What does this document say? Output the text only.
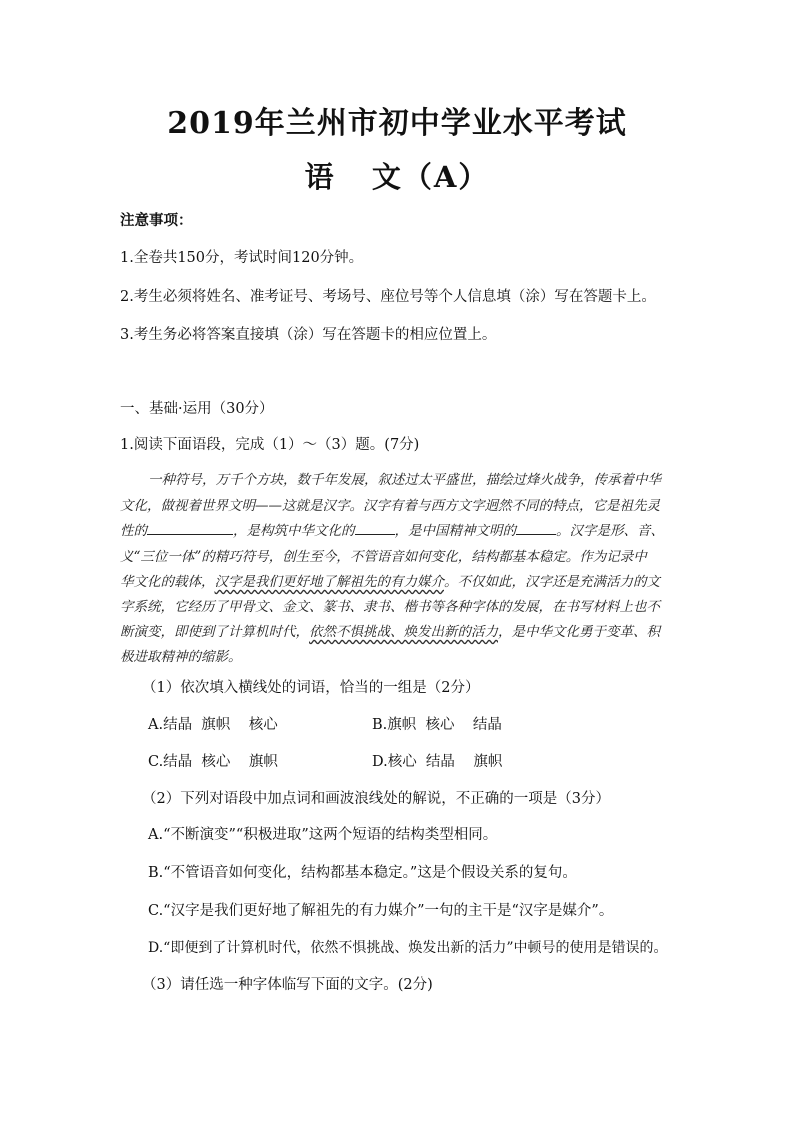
2019年兰州市初中学业水平考试
语   文（A）
注意事项：
1.全卷共150分，考试时间120分钟。
2.考生必须将姓名、准考证号、考场号、座位号等个人信息填（涂）写在答题卡上。
3.考生务必将答案直接填（涂）写在答题卡的相应位置上。
一、基础·运用（30分）
1.阅读下面语段，完成（1）～（3）题。(7分)
一种符号，万千个方块，数千年发展，叙述过太平盛世，描绘过烽火战争，传承着中华
文化，做视着世界文明——这就是汉字。汉字有着与西方文字迥然不同的特点，它是祖先灵
性的	，是构筑中华文化的	，是中国精神文明的	。汉字是形、音、
义“三位一体”的精巧符号，创生至今，不管语音如何变化，结构都基本稳定。作为记录中
华文化的载体，汉字是我们更好地了解祖先的有力媒介。不仅如此，汉字还是充满活力的文
字系统，它经历了甲骨文、金文、篆书、隶书、楷书等各种字体的发展，在书写材料上也不
断演变，即使到了计算机时代，依然不惧挑战、焕发出新的活力，是中华文化勇于变革、积
极进取精神的缩影。
（1）依次填入横线处的词语，恰当的一组是（2分）
A.结晶  旗帜    核心	B.旗帜  核心    结晶
C.结晶  核心    旗帜	D.核心  结晶    旗帜
（2）下列对语段中加点词和画波浪线处的解说，不正确的一项是（3分）
A.“不断演变”“积极进取”这两个短语的结构类型相同。
B.“不管语音如何变化，结构都基本稳定。”这是个假设关系的复句。
C.“汉字是我们更好地了解祖先的有力媒介”一句的主干是“汉字是媒介”。
D.“即便到了计算机时代，依然不惧挑战、焕发出新的活力”中顿号的使用是错误的。
（3）请任选一种字体临写下面的文字。(2分)
